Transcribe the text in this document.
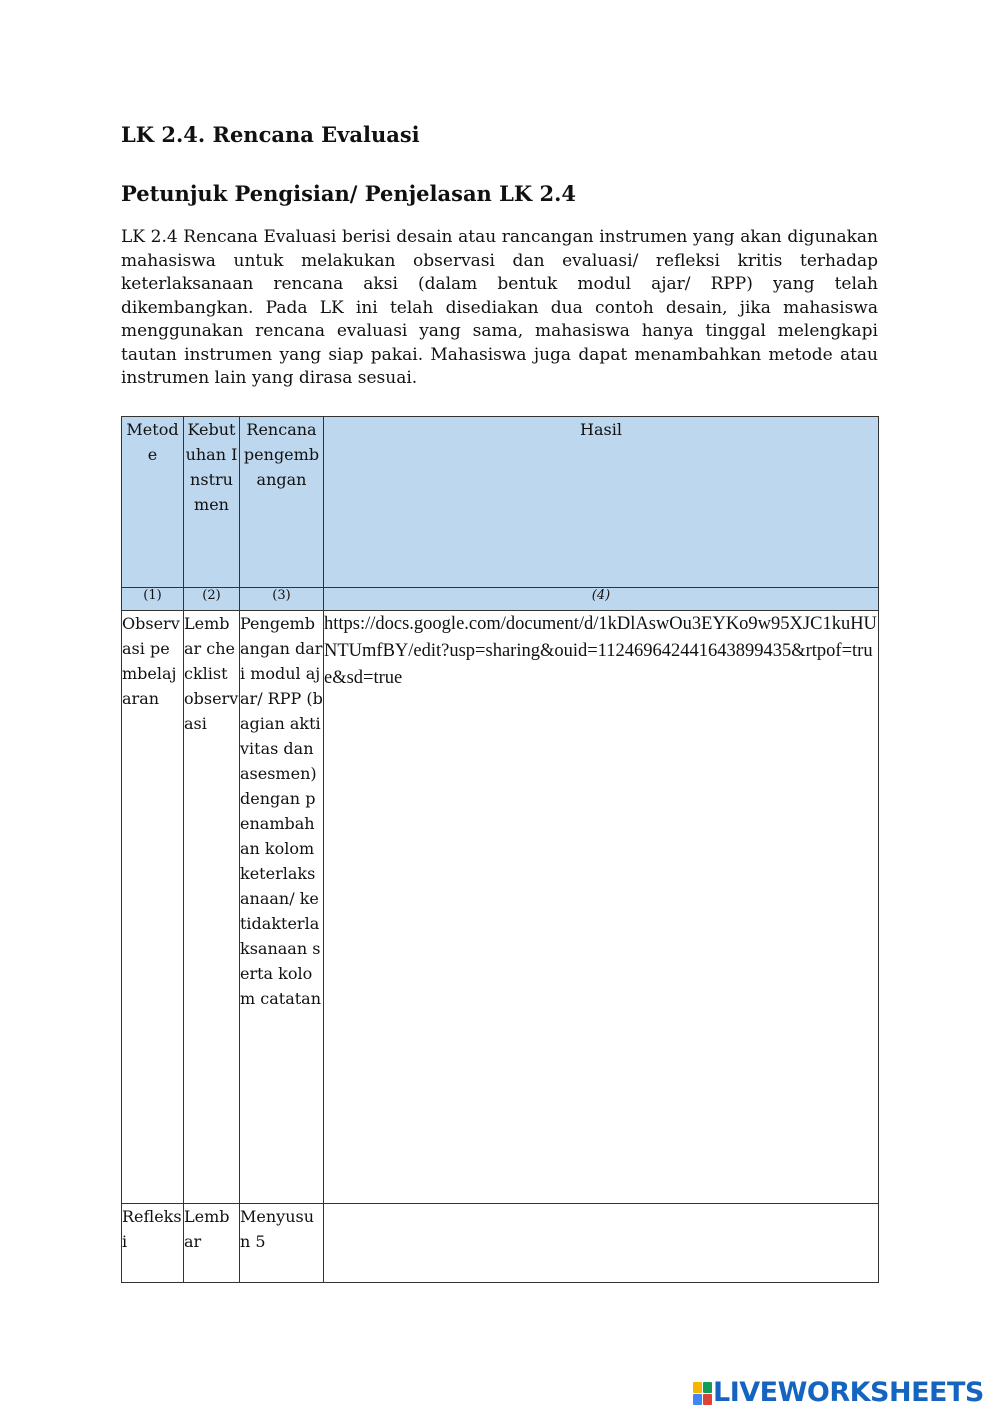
LK 2.4. Rencana Evaluasi
Petunjuk Pengisian/ Penjelasan LK 2.4

LK 2.4 Rencana Evaluasi berisi desain atau rancangan instrumen yang akan digunakan mahasiswa untuk melakukan observasi dan evaluasi/ refleksi kritis terhadap keterlaksanaan rencana aksi (dalam bentuk modul ajar/ RPP) yang telah dikembangkan. Pada LK ini telah disediakan dua contoh desain, jika mahasiswa menggunakan rencana evaluasi yang sama, mahasiswa hanya tinggal melengkapi tautan instrumen yang siap pakai. Mahasiswa juga dapat menambahkan metode atau instrumen lain yang dirasa sesuai.

Metode	Kebutuhan Instrumen	Rencana pengembangan	Hasil
(1)	(2)	(3)	(4)
Observasi pembelajaran	Lembar checklist observasi	Pengembangan dari modul ajar/ RPP (bagian aktivitas dan asesmen) dengan penambahan kolom keterlaksanaan/ ketidakterlaksanaan serta kolom catatan	https://docs.google.com/document/d/1kDlAswOu3EYKo9w95XJC1kuHUNTUmfBY/edit?usp=sharing&ouid=112469642441643899435&rtpof=true&sd=true
Refleksi	Lembar	Menyusun 5	
LIVEWORKSHEETS
